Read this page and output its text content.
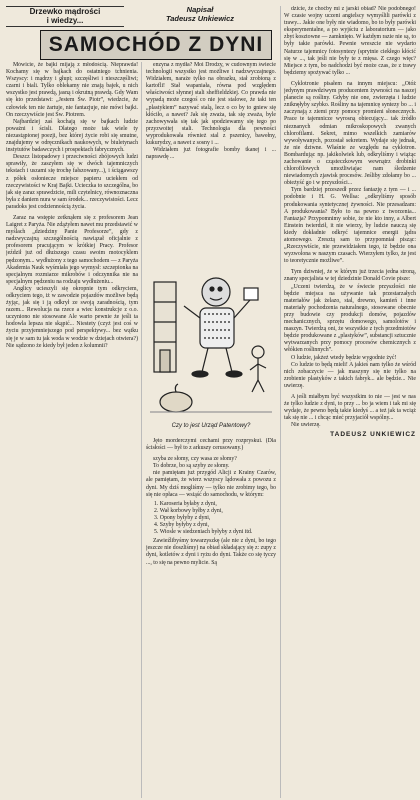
Drzewko mądrości
i wiedzy...
Napisał
Tadeusz Unkiewicz
SAMOCHÓD Z DYNI

Mówicie, że bajki mijają z młodością. Nieprawda! Kochamy się w bajkach do ostatniego tchnienia. Wszyscy: i mądrzy i głupi; szczęśliwi i nieszczęśliwi; czarni i biali. Tylko oblekamy nie znają bajek, u nich wszystko jest prawdą, jasną i okrutną prawdą. Gdy Wam się kto przedstawi: „Jestem Św. Piotr”, wiedzcie, że człowiek ten nie żartuje, nie fantazjuje, nie mówi bajki. On rzeczywiście jest Św. Piotrem.

Najbardziej zaś kochają się w bajkach ludzie poważni i ścisli. Dlatego może tak wiele ty niezastąpionej poezji, bez której życie robi się smutne, znajdujemy w odręcznikach naukowych, w biuletynach instytutów badawczych i prospektach fabrycznych.

Deszcz listopadowy i przeciwności zbójowych ludzi sprawiły, że zaszyłem się w dwóch tajemniczych tekstach i uszami się trochę fałszowany...), i ściągawszy z półek osłoniecze miejsce papieru uciekłem od rzeczywistości w Kraj Bajki. Ucieczka to szczególna, bo jak się zaraz sprawdzicie, mili czytelnicy, równoznaczna była z daniem nura w sam środek... rzeczywistości. Lecz paradoks jest codziennością życia.

Zaraz na wstępie zetknąłem się z profesorem Jean Laigret z Paryża. Nie zdążyłem nawet mu przedstawić w myślach „dziedziny Panie Profesorze”, gdy z nadzwyczajną szczególnością nawiązał oficjalnie z profesorem pracującym w krótkiej Pracy. Profesor jeździł już od dłuższego czasu swoim motocyklem pędzonym... wydłużony z tego samochodem — z Paryża Akademia Nauk wyśmiała jego wymysł: szczepionka na specjalnym rozmiarze mikrobów i odczynnika nie na specjalnym pędzeniu na rodzaju wydłużeniu...

Anglicy ucieszyli się okropnie tym odkryciem, odkryciem tego, iż w zawodzie pojazdów możliwe będą żyjąc, jak się i ją odkrył ze swoją zaradnością, tym razem... Rewolucja na rzece a wiec konstrukcje z o.o. uczyniono nie stosowane Ale warto pewnie że jeśli ta hodowla lepsza nie skąpić... Niestety (czyż jest coś w życiu przyjemniejszego pod perspektywy... bez wątku się je w sam tu jak woda w wodzie w dziejach otwiera?) Nie sądzono że kiedy był jeden z kolumnii?

enzyna z mydła? Moi Drodzy, w cudownym świecie technologii wszystko jest możliwe i nadzwyczajnego. Widziałem, naraże tylko na obrazku, stał zrobioną z kartofli! Stał wapaniała, równa pod względem właściwości słynnej stali sheffieldzkiej. Co prawda nie wypadą może czegoś co nie jest stalowe, że taki ten „plastykiem” nazywać stalą, lecz o co by to gniew się kłóciło, a nawet? Jak się zważa, tak się zważa, byle zachowywała się tak jak spodziewamy się tego po przyzwoitej stali. Technologia dla pewności wyprodukowała również stal z pszenicy, bawełny, kukurydzy, a nawet z sosny i ...

Widziałem już fotografie bomby tkanej i ... naprawdę ...

Czy to jest Urząd Patentowy?

Jęto morderczymi cechami przy rozpryskui. (Dla ścisłości — był to z arkuszy cerusowany.)

szyba ze słomy, czy wasa ze słomy?

To dobrze, bo są szyby ze słomy.

nie pamiętam już przygód Alicji z Krainy Czarów, ale pamiętam, że wierz wszyscy lądowała z powozu z dyni. My dziś mogliśmy — tylko nie zrobimy tego, bo się nie opłaca — wsiąść do samochodu, w którym:

1. Karoseria byłaby z dyni,
2. Wał korbowy byłby z dyni,
3. Opony byłyby z dyni,
4. Szyby byłyby z dyni,
5. Wiosle w siedzeniach byłyby z dyni itd.

Zawieźlibyśmy towarzyszkę (ale nie z dyni, bo tego jeszcze nie doszliśmy) na obiad składający się z: zupy z dyni, kotletów z dyni i ryżu do dyni. Także co się tyczy ..., to się na pewno mylicie. Są

dzicie, że choćby mi z jarski obiad? Nie podobnego! W czasie wojny uczeni angielscy wymyślili parówki z trawy... Jakie one były nie wiadomo, bo to były parówki eksperymentalne, a po wyjściu z laboratorium — jako zbyt kosztowne — zamknięto. W każdym razie nie są, to były takie parówki. Pewnie wreszcie nie wydarto Naturze tajemnicy fotosyntezy (sprytnie ciekłego kłócić się w ..., tak jeśli nie były te z mięsa. Z czego więc? Miejsce z tym, bo nadchodzi być może czas, że z trawy będziemy spożywać tylko ...

Cyklotronie pisałem na innym miejscu: „Otóż jedynym prawdziwym producentem żywności na naszej planecie są rośliny. Gdyby nie one, zwierzęta i ludzie zniknęłyby szybko. Rośliny na tajemnicę syntezy bo ... i zaczynają z ziemi przy pomocy promieni słonecznych. Prace te tajemnicze wyrosną obiecujący... tak źródło nieznanych odmian mikroskopowych zwanych chlorofilami. Sekret, mimo wszelkich zamiarów wywoływanych, pozostał sekretem. Wydaje się jednak, że nie dziwne. Właśnie ze względu na cyklotron. Bombardując np. jakikolwiek lub, odkryliśmy i wiążąc zachowanie o cząsteczkowym wewnątrz drobinki chlorofilowych umożliwiajac nam śledzenie niewiadomych zjawisk procesów. Jeśliby zdołamy bo ... obieżyść go i w przyszłości...

Tym bardziej przeszedł przez fantazję z tym — i ... podobnie i H. G. Wellsa: „odkryliśmy sposób produkowania syntetycznej żywności. Nie przesadzam: A produkowania? Było to na pewno z tworzenia... Fantazja? Przypomnimy sobie, że nie kto inny, a Albert Einstein twierdził, it nie wierzy, by ludzie nauczą się kiedy dokładnie odkryć tajemnice energii jądra atomowego. Zresztą sam to przypomniał pisząc: „Rzeczywiście, nie przewidziałem tego, iż będzie ona wyzwolona w naszym czasach. Wierzyłem tylko, że jest to teoretycznie możliwe”.

Tym dziwniej, że w którym już trzecia jedna stroną, znany specjalista w tej dziedzinie Donald Covie pisze:

„Uczeni twierdzą, że w świecie przyszłości nie będzie miejsca na używanie tak przestarzałych materiałów jak żelazo, stal, drewno, kamień i inne materiały pochodzenia naturalnego, stosowane obecnie przy budowie czy produkcji domów, pojazdów mechanicznych, sprzętu domowego, samolotów i maszyn. Twierdzą oni, że wszystkie z tych przedmiotów będzie produkowane z „plastyków”, substancji sztucznie wytwarzanych przy pomocy procesów chemicznych z włókien roślinnych”.

O ludzie, jakżeż wtedy będzie wygodnie żyć!

Co ludzie to będą mieli! A jakieś nam tylko że wśród nich zobaczycie — jak maszyny się nie tylko na zrobienie plastyków z takich fabryk... ale będzie... Nie uwierzę.

A jeśli miałbym być wszystkim to nie — jest w nas że tylko ludzie z dyni, to przy ... bo ja wiem i tak mi się wydaje, że pewno będą takie kiedyś ... a też jak ta wciąż tak się nie ... i chcąc mieć przyjaciół wspólny...

Nie uwierzę.

TADEUSZ UNKIEWICZ
